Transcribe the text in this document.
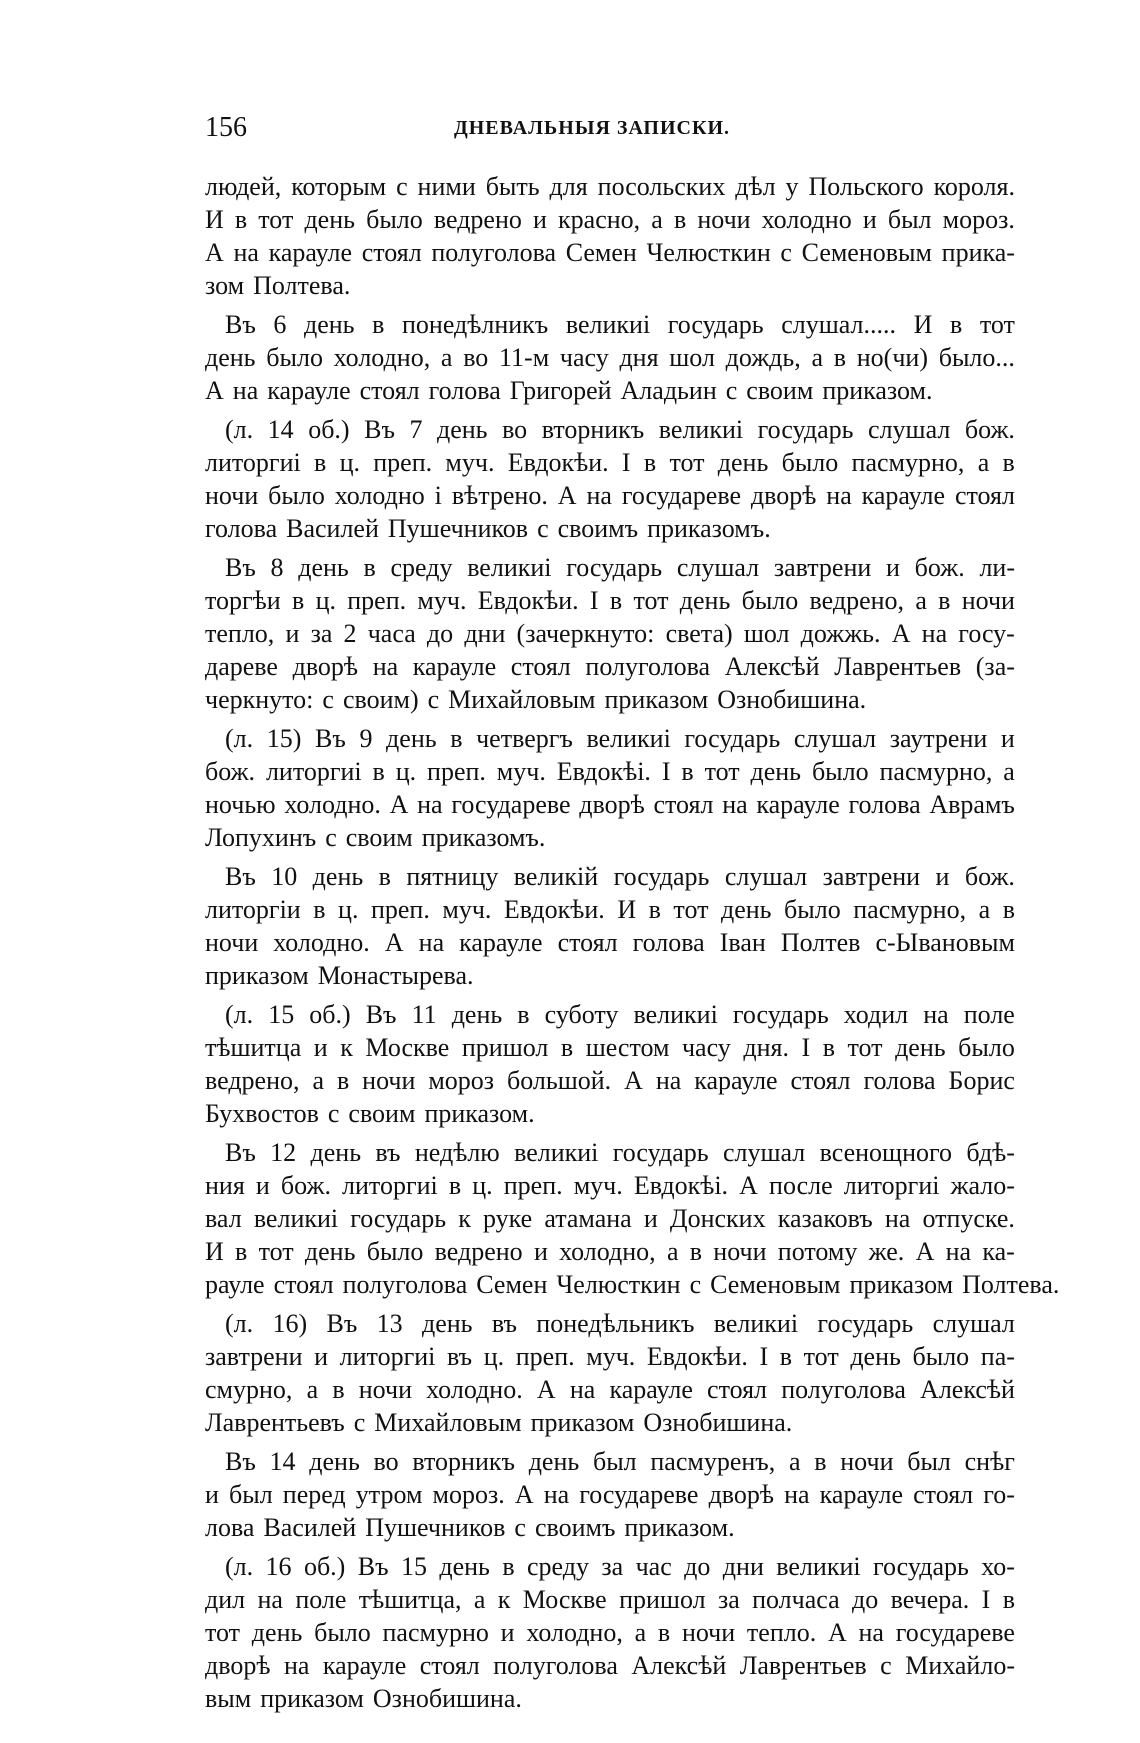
156	ДНЕВАЛЬНЫЯ ЗАПИСКИ.
людей, которым с ними быть для посольских дѣл у Польского короля.
И в тот день было ведрено и красно, а в ночи холодно и был мороз.
А на карауле стоял полуголова Семен Челюсткин с Семеновым прика-
зом Полтева.
Въ 6 день в понедѣлникъ великиі государь слушал..... И в тот
день было холодно, а во 11-м часу дня шол дождь, а в но(чи) было...
А на карауле стоял голова Григорей Аладьин с своим приказом.
(л. 14 об.) Въ 7 день во вторникъ великиі государь слушал бож.
литоргиі в ц. преп. муч. Евдокѣи. І в тот день было пасмурно, а в
ночи было холодно і вѣтрено. А на государеве дворѣ на карауле стоял
голова Василей Пушечников с своимъ приказомъ.
Въ 8 день в среду великиі государь слушал завтрени и бож. ли-
торгѣи в ц. преп. муч. Евдокѣи. І в тот день было ведрено, а в ночи
тепло, и за 2 часа до дни (зачеркнуто: света) шол дожжь. А на госу-
дареве дворѣ на карауле стоял полуголова Алексѣй Лаврентьев (за-
черкнуто: с своим) с Михайловым приказом Ознобишина.
(л. 15) Въ 9 день в четвергъ великиі государь слушал заутрени и
бож. литоргиі в ц. преп. муч. Евдокѣі. І в тот день было пасмурно, а
ночью холодно. А на государеве дворѣ стоял на карауле голова Аврамъ
Лопухинъ с своим приказомъ.
Въ 10 день в пятницу великій государь слушал завтрени и бож.
литоргіи в ц. преп. муч. Евдокѣи. И в тот день было пасмурно, а в
ночи холодно. А на карауле стоял голова Іван Полтев с-Ывановым
приказом Монастырева.
(л. 15 об.) Въ 11 день в суботу великиі государь ходил на поле
тѣшитца и к Москве пришол в шестом часу дня. І в тот день было
ведрено, а в ночи мороз большой. А на карауле стоял голова Борис
Бухвостов с своим приказом.
Въ 12 день въ недѣлю великиі государь слушал всенощного бдѣ-
ния и бож. литоргиі в ц. преп. муч. Евдокѣі. А после литоргиі жало-
вал великиі государь к руке атамана и Донских казаковъ на отпуске.
И в тот день было ведрено и холодно, а в ночи потому же. А на ка-
рауле стоял полуголова Семен Челюсткин с Семеновым приказом Полтева.
(л. 16) Въ 13 день въ понедѣльникъ великиі государь слушал
завтрени и литоргиі въ ц. преп. муч. Евдокѣи. І в тот день было па-
смурно, а в ночи холодно. А на карауле стоял полуголова Алексѣй
Лаврентьевъ с Михайловым приказом Ознобишина.
Въ 14 день во вторникъ день был пасмуренъ, а в ночи был снѣг
и был перед утром мороз. А на государеве дворѣ на карауле стоял го-
лова Василей Пушечников с своимъ приказом.
(л. 16 об.) Въ 15 день в среду за час до дни великиі государь хо-
дил на поле тѣшитца, а к Москве пришол за полчаса до вечера. І в
тот день было пасмурно и холодно, а в ночи тепло. А на государеве
дворѣ на карауле стоял полуголова Алексѣй Лаврентьев с Михайло-
вым приказом Ознобишина.
